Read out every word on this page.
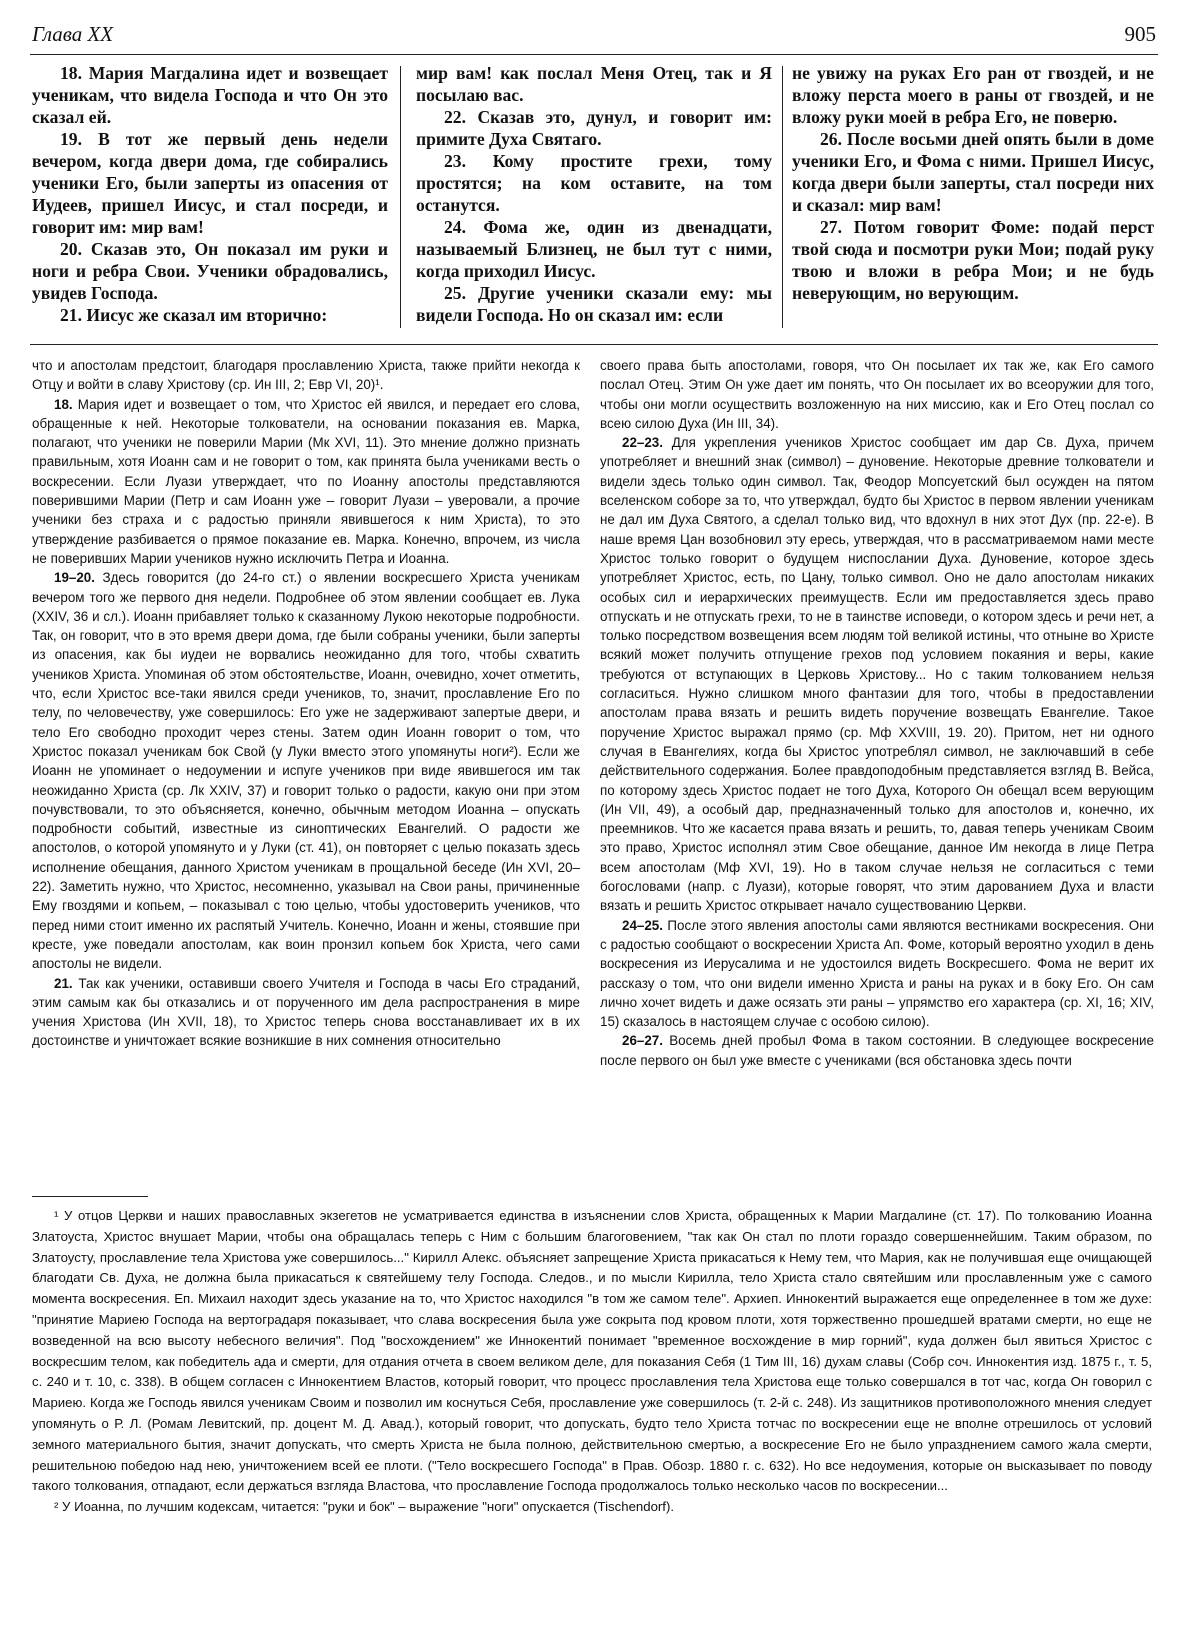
Глава XX	905

18. Мария Магдалина идет и возвещает ученикам, что видела Господа и что Он это сказал ей.

19. В тот же первый день недели вечером, когда двери дома, где собирались ученики Его, были заперты из опасения от Иудеев, пришел Иисус, и стал посреди, и говорит им: мир вам!

20. Сказав это, Он показал им руки и ноги и ребра Свои. Ученики обрадовались, увидев Господа.

21. Иисус же сказал им вторично:

мир вам! как послал Меня Отец, так и Я посылаю вас.

22. Сказав это, дунул, и говорит им: примите Духа Святаго.

23. Кому простите грехи, тому простятся; на ком оставите, на том останутся.

24. Фома же, один из двенадцати, называемый Близнец, не был тут с ними, когда приходил Иисус.

25. Другие ученики сказали ему: мы видели Господа. Но он сказал им: если

не увижу на руках Его ран от гвоздей, и не вложу перста моего в раны от гвоздей, и не вложу руки моей в ребра Его, не поверю.

26. После восьми дней опять были в доме ученики Его, и Фома с ними. Пришел Иисус, когда двери были заперты, стал посреди них и сказал: мир вам!

27. Потом говорит Фоме: подай перст твой сюда и посмотри руки Мои; подай руку твою и вложи в ребра Мои; и не будь неверующим, но верующим.

что и апостолам предстоит, благодаря прославлению Христа, также прийти некогда к Отцу и войти в славу Христову (ср. Ин III, 2; Евр VI, 20)¹.

18. Мария идет и возвещает о том, что Христос ей явился, и передает его слова, обращенные к ней. Некоторые толкователи, на основании показания ев. Марка, полагают, что ученики не поверили Марии (Мк XVI, 11). Это мнение должно признать правильным, хотя Иоанн сам и не говорит о том, как принята была учениками весть о воскресении. Если Луази утверждает, что по Иоанну апостолы представляются поверившими Марии (Петр и сам Иоанн уже – говорит Луази – уверовали, а прочие ученики без страха и с радостью приняли явившегося к ним Христа), то это утверждение разбивается о прямое показание ев. Марка. Конечно, впрочем, из числа не поверивших Марии учеников нужно исключить Петра и Иоанна.

19–20. Здесь говорится (до 24-го ст.) о явлении воскресшего Христа ученикам вечером того же первого дня недели. Подробнее об этом явлении сообщает ев. Лука (XXIV, 36 и сл.). Иоанн прибавляет только к сказанному Лукою некоторые подробности. Так, он говорит, что в это время двери дома, где были собраны ученики, были заперты из опасения, как бы иудеи не ворвались неожиданно для того, чтобы схватить учеников Христа. Упоминая об этом обстоятельстве, Иоанн, очевидно, хочет отметить, что, если Христос все-таки явился среди учеников, то, значит, прославление Его по телу, по человечеству, уже совершилось: Его уже не задерживают запертые двери, и тело Его свободно проходит через стены. Затем один Иоанн говорит о том, что Христос показал ученикам бок Свой (у Луки вместо этого упомянуты ноги²). Если же Иоанн не упоминает о недоумении и испуге учеников при виде явившегося им так неожиданно Христа (ср. Лк XXIV, 37) и говорит только о радости, какую они при этом почувствовали, то это объясняется, конечно, обычным методом Иоанна – опускать подробности событий, известные из синоптических Евангелий. О радости же апостолов, о которой упомянуто и у Луки (ст. 41), он повторяет с целью показать здесь исполнение обещания, данного Христом ученикам в прощальной беседе (Ин XVI, 20–22). Заметить нужно, что Христос, несомненно, указывал на Свои раны, причиненные Ему гвоздями и копьем, – показывал с тою целью, чтобы удостоверить учеников, что перед ними стоит именно их распятый Учитель. Конечно, Иоанн и жены, стоявшие при кресте, уже поведали апостолам, как воин пронзил копьем бок Христа, чего сами апостолы не видели.

21. Так как ученики, оставивши своего Учителя и Господа в часы Его страданий, этим самым как бы отказались и от порученного им дела распространения в мире учения Христова (Ин XVII, 18), то Христос теперь снова восстанавливает их в их достоинстве и уничтожает всякие возникшие в них сомнения относительно

своего права быть апостолами, говоря, что Он посылает их так же, как Его самого послал Отец. Этим Он уже дает им понять, что Он посылает их во всеоружии для того, чтобы они могли осуществить возложенную на них миссию, как и Его Отец послал со всею силою Духа (Ин III, 34).

22–23. Для укрепления учеников Христос сообщает им дар Св. Духа, причем употребляет и внешний знак (символ) – дуновение. Некоторые древние толкователи и видели здесь только один символ. Так, Феодор Мопсуетский был осужден на пятом вселенском соборе за то, что утверждал, будто бы Христос в первом явлении ученикам не дал им Духа Святого, а сделал только вид, что вдохнул в них этот Дух (пр. 22-е). В наше время Цан возобновил эту ересь, утверждая, что в рассматриваемом нами месте Христос только говорит о будущем ниспослании Духа. Дуновение, которое здесь употребляет Христос, есть, по Цану, только символ. Оно не дало апостолам никаких особых сил и иерархических преимуществ. Если им предоставляется здесь право отпускать и не отпускать грехи, то не в таинстве исповеди, о котором здесь и речи нет, а только посредством возвещения всем людям той великой истины, что отныне во Христе всякий может получить отпущение грехов под условием покаяния и веры, какие требуются от вступающих в Церковь Христову... Но с таким толкованием нельзя согласиться. Нужно слишком много фантазии для того, чтобы в предоставлении апостолам права вязать и решить видеть поручение возвещать Евангелие. Такое поручение Христос выражал прямо (ср. Мф XXVIII, 19. 20). Притом, нет ни одного случая в Евангелиях, когда бы Христос употреблял символ, не заключавший в себе действительного содержания. Более правдоподобным представляется взгляд В. Вейса, по которому здесь Христос подает не того Духа, Которого Он обещал всем верующим (Ин VII, 49), а особый дар, предназначенный только для апостолов и, конечно, их преемников. Что же касается права вязать и решить, то, давая теперь ученикам Своим это право, Христос исполнял этим Свое обещание, данное Им некогда в лице Петра всем апостолам (Мф XVI, 19). Но в таком случае нельзя не согласиться с теми богословами (напр. с Луази), которые говорят, что этим дарованием Духа и власти вязать и решить Христос открывает начало существованию Церкви.

24–25. После этого явления апостолы сами являются вестниками воскресения. Они с радостью сообщают о воскресении Христа Ап. Фоме, который вероятно уходил в день воскресения из Иерусалима и не удостоился видеть Воскресшего. Фома не верит их рассказу о том, что они видели именно Христа и раны на руках и в боку Его. Он сам лично хочет видеть и даже осязать эти раны – упрямство его характера (ср. XI, 16; XIV, 15) сказалось в настоящем случае с особою силою).

26–27. Восемь дней пробыл Фома в таком состоянии. В следующее воскресение после первого он был уже вместе с учениками (вся обстановка здесь почти

¹ У отцов Церкви и наших православных экзегетов не усматривается единства в изъяснении слов Христа, обращенных к Марии Магдалине (ст. 17). По толкованию Иоанна Златоуста, Христос внушает Марии, чтобы она обращалась теперь с Ним с большим благоговением, "так как Он стал по плоти гораздо совершеннейшим. Таким образом, по Златоусту, прославление тела Христова уже совершилось..." Кирилл Алекс. объясняет запрещение Христа прикасаться к Нему тем, что Мария, как не получившая еще очищающей благодати Св. Духа, не должна была прикасаться к святейшему телу Господа. Следов., и по мысли Кирилла, тело Христа стало святейшим или прославленным уже с самого момента воскресения. Еп. Михаил находит здесь указание на то, что Христос находился "в том же самом теле". Архиеп. Иннокентий выражается еще определеннее в том же духе: "принятие Мариею Господа на вертоградаря показывает, что слава воскресения была уже сокрыта под кровом плоти, хотя торжественно прошедшей вратами смерти, но еще не возведенной на всю высоту небесного величия". Под "восхождением" же Иннокентий понимает "временное восхождение в мир горний", куда должен был явиться Христос с воскресшим телом, как победитель ада и смерти, для отдания отчета в своем великом деле, для показания Себя (1 Тим III, 16) духам славы (Собр соч. Иннокентия изд. 1875 г., т. 5, с. 240 и т. 10, с. 338). В общем согласен с Иннокентием Властов, который говорит, что процесс прославления тела Христова еще только совершался в тот час, когда Он говорил с Мариею. Когда же Господь явился ученикам Своим и позволил им коснуться Себя, прославление уже совершилось (т. 2-й с. 248). Из защитников противоположного мнения следует упомянуть о Р. Л. (Ромам Левитский, пр. доцент М. Д. Авад.), который говорит, что допускать, будто тело Христа тотчас по воскресении еще не вполне отрешилось от условий земного материального бытия, значит допускать, что смерть Христа не была полною, действительною смертью, а воскресение Его не было упразднением самого жала смерти, решительною победою над нею, уничтожением всей ее плоти. ("Тело воскресшего Господа" в Прав. Обозр. 1880 г. с. 632). Но все недоумения, которые он высказывает по поводу такого толкования, отпадают, если держаться взгляда Властова, что прославление Господа продолжалось только несколько часов по воскресении...

² У Иоанна, по лучшим кодексам, читается: "руки и бок" – выражение "ноги" опускается (Tischendorf).
